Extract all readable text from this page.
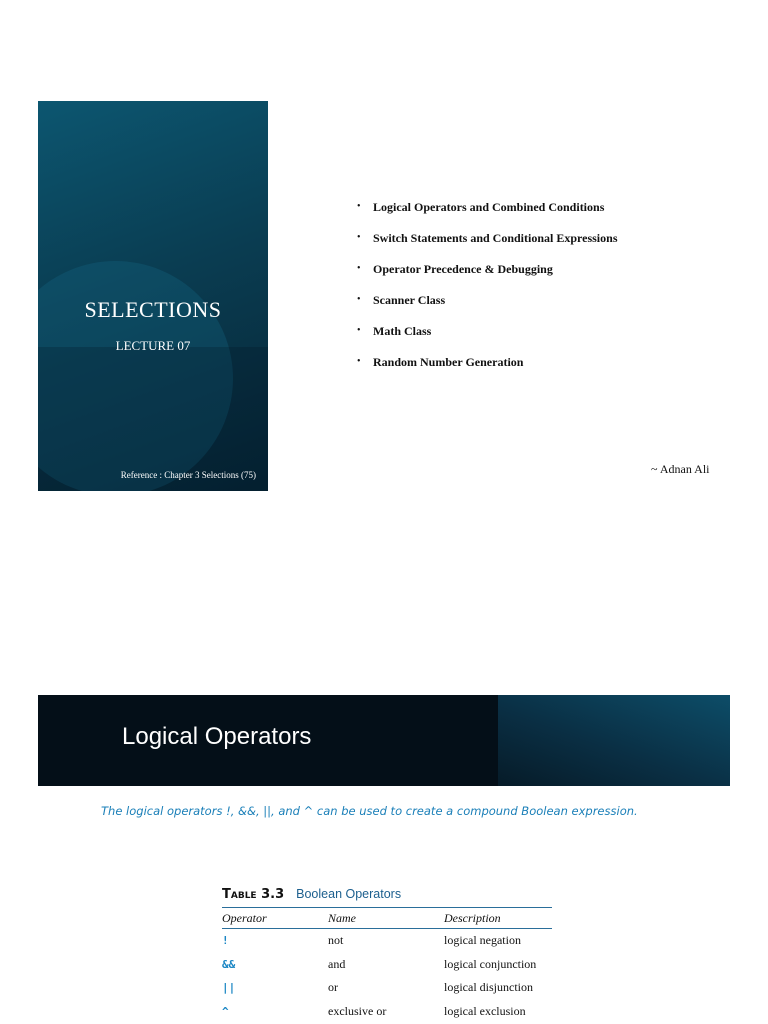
SELECTIONS
LECTURE 07
Reference : Chapter 3 Selections (75)
• Logical Operators and Combined Conditions
• Switch Statements and Conditional Expressions
• Operator Precedence & Debugging
• Scanner Class
• Math Class
• Random Number Generation
~ Adnan Ali
Logical Operators
The logical operators !, &&, ||, and ^ can be used to create a compound Boolean expression.
Table 3.3 Boolean Operators
Operator	Name	Description
!	not	logical negation
&&	and	logical conjunction
||	or	logical disjunction
^	exclusive or	logical exclusion
